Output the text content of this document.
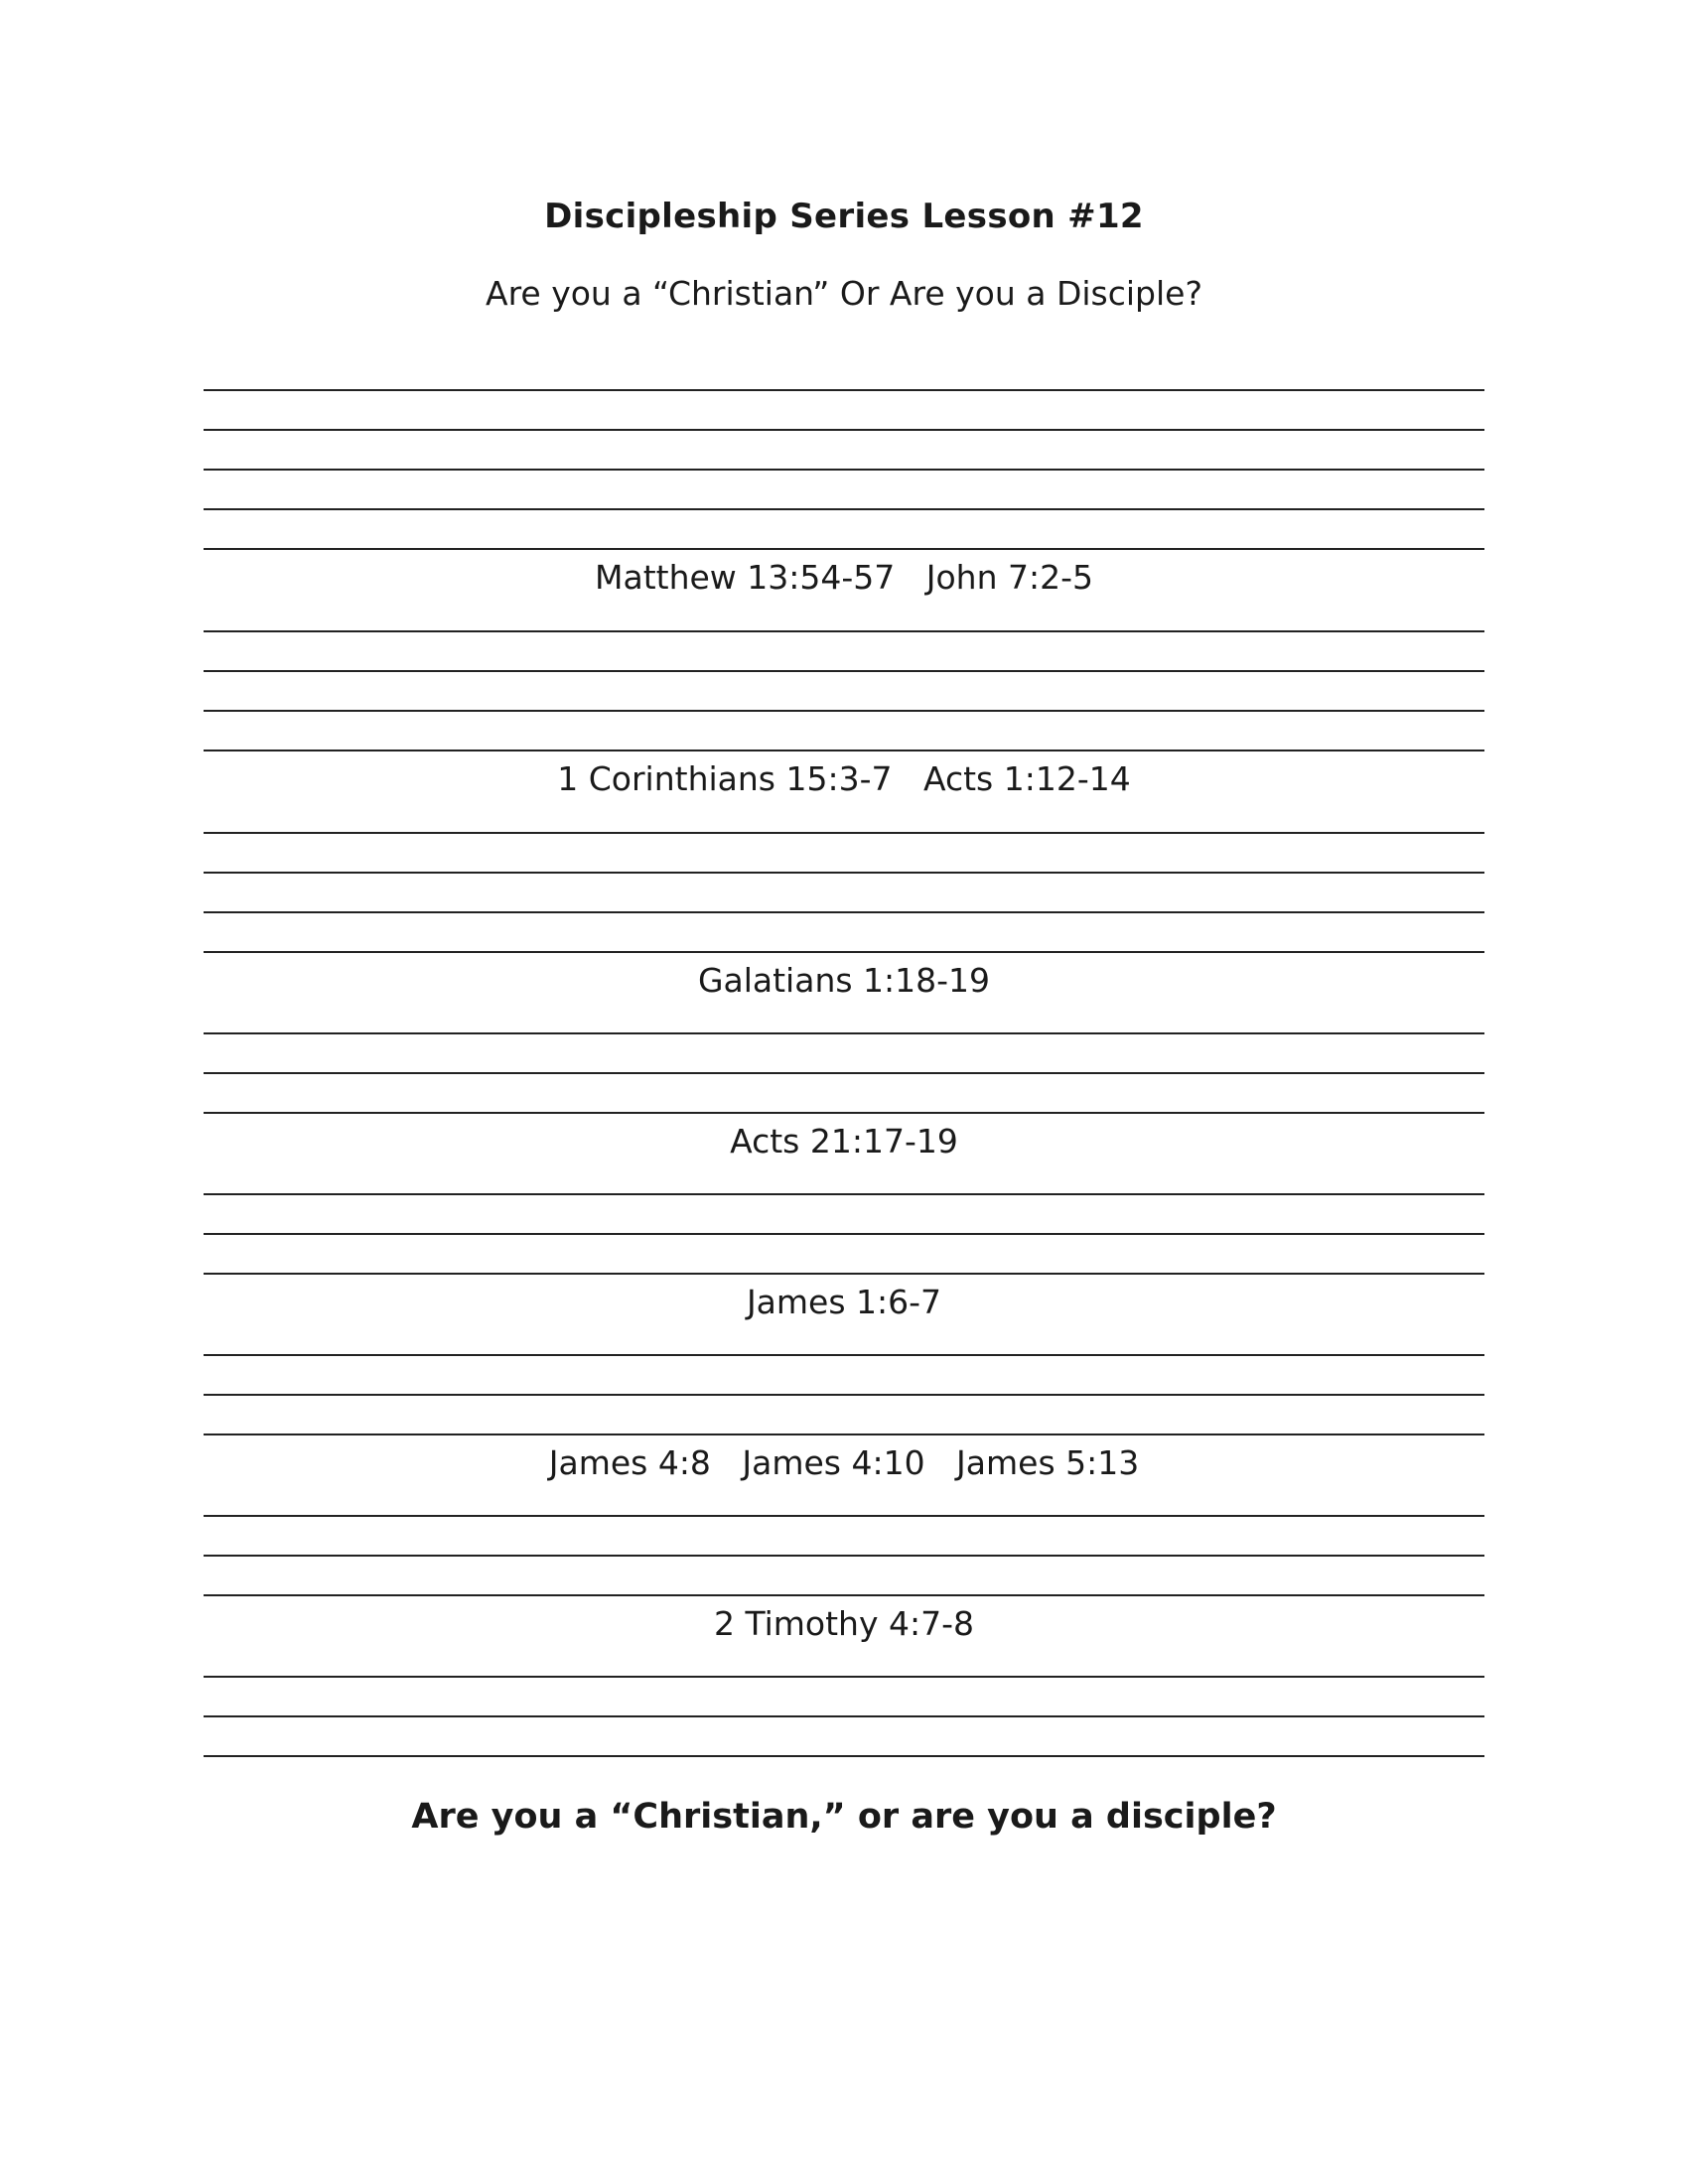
Discipleship Series Lesson #12
Are you a “Christian” Or Are you a Disciple?
Matthew 13:54-57   John 7:2-5
1 Corinthians 15:3-7   Acts 1:12-14
Galatians 1:18-19
Acts 21:17-19
James 1:6-7
James 4:8   James 4:10   James 5:13
2 Timothy 4:7-8

Are you a “Christian,” or are you a disciple?
